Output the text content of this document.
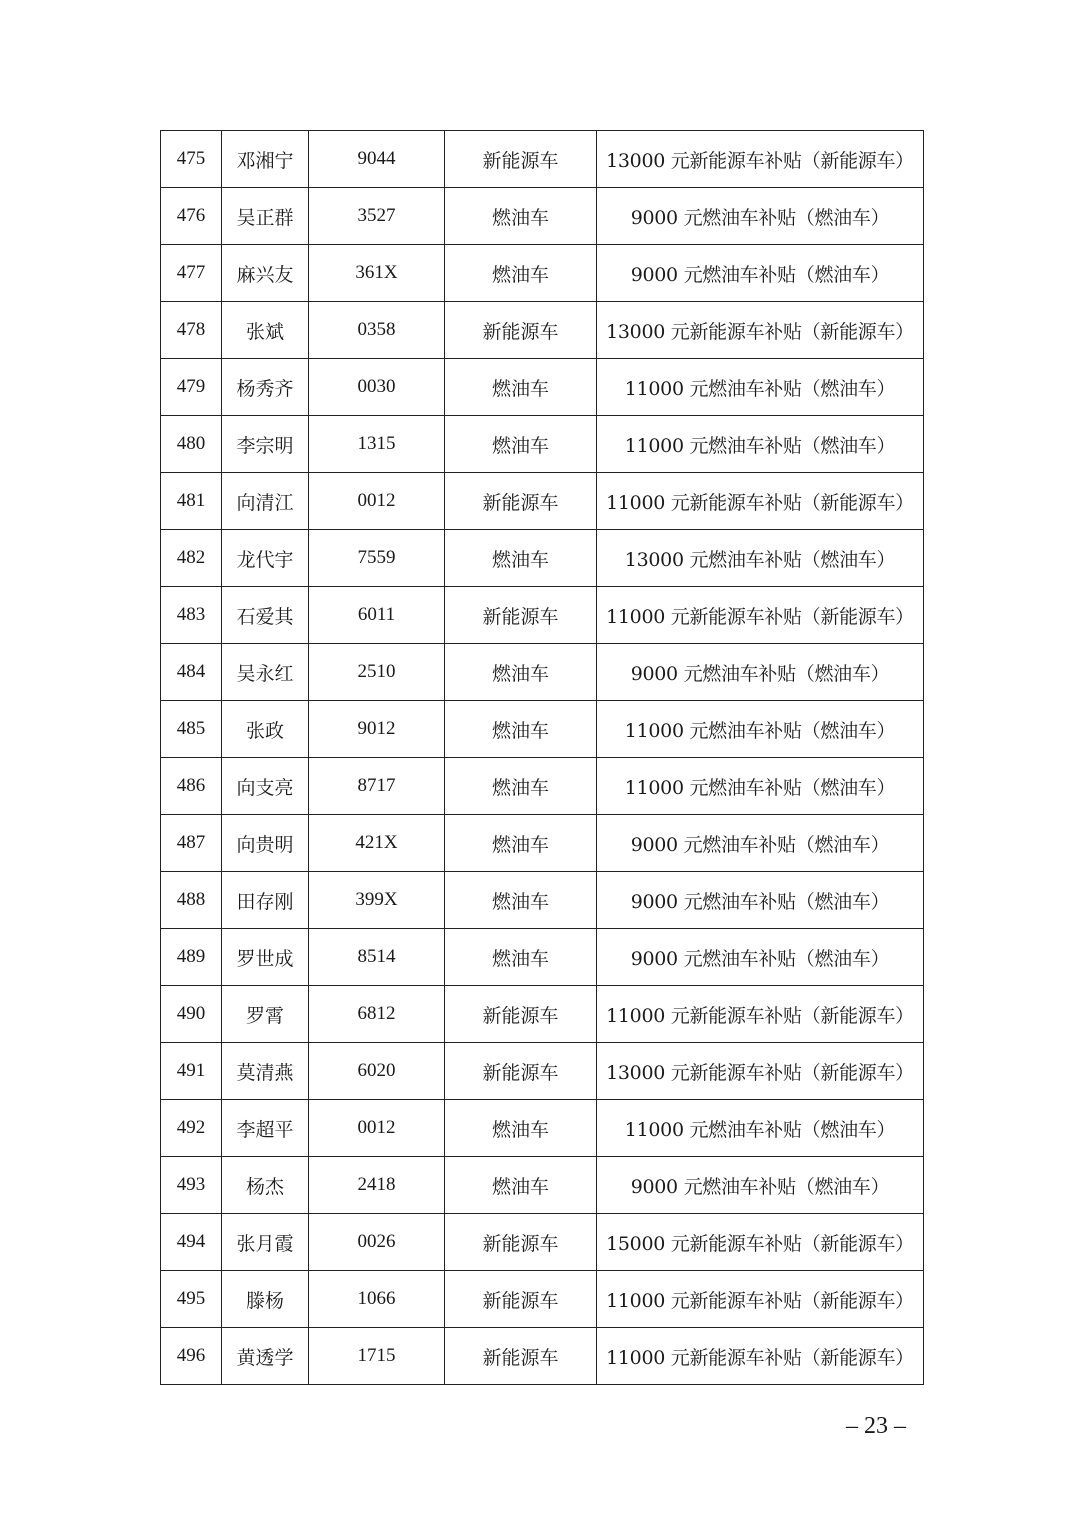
475	邓湘宁	9044	新能源车	13000 元新能源车补贴（新能源车）
476	吴正群	3527	燃油车	9000 元燃油车补贴（燃油车）
477	麻兴友	361X	燃油车	9000 元燃油车补贴（燃油车）
478	张斌	0358	新能源车	13000 元新能源车补贴（新能源车）
479	杨秀齐	0030	燃油车	11000 元燃油车补贴（燃油车）
480	李宗明	1315	燃油车	11000 元燃油车补贴（燃油车）
481	向清江	0012	新能源车	11000 元新能源车补贴（新能源车）
482	龙代宇	7559	燃油车	13000 元燃油车补贴（燃油车）
483	石爱其	6011	新能源车	11000 元新能源车补贴（新能源车）
484	吴永红	2510	燃油车	9000 元燃油车补贴（燃油车）
485	张政	9012	燃油车	11000 元燃油车补贴（燃油车）
486	向支亮	8717	燃油车	11000 元燃油车补贴（燃油车）
487	向贵明	421X	燃油车	9000 元燃油车补贴（燃油车）
488	田存刚	399X	燃油车	9000 元燃油车补贴（燃油车）
489	罗世成	8514	燃油车	9000 元燃油车补贴（燃油车）
490	罗霄	6812	新能源车	11000 元新能源车补贴（新能源车）
491	莫清燕	6020	新能源车	13000 元新能源车补贴（新能源车）
492	李超平	0012	燃油车	11000 元燃油车补贴（燃油车）
493	杨杰	2418	燃油车	9000 元燃油车补贴（燃油车）
494	张月霞	0026	新能源车	15000 元新能源车补贴（新能源车）
495	滕杨	1066	新能源车	11000 元新能源车补贴（新能源车）
496	黄透学	1715	新能源车	11000 元新能源车补贴（新能源车）
– 23 –
